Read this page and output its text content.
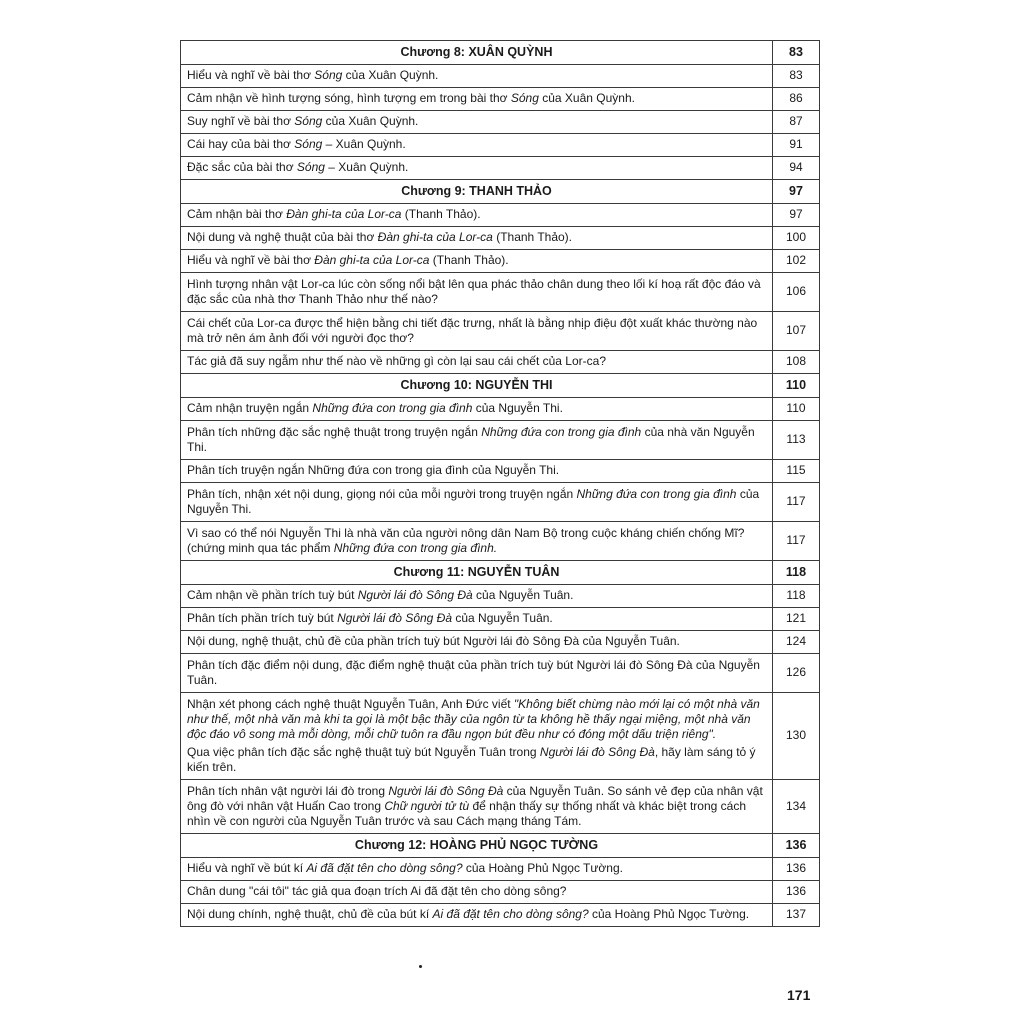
Chương 8: XUÂN QUỲNH	83
Hiểu và nghĩ về bài thơ Sóng của Xuân Quỳnh.	83
Cảm nhận về hình tượng sóng, hình tượng em trong bài thơ Sóng của Xuân Quỳnh.	86
Suy nghĩ về bài thơ Sóng của Xuân Quỳnh.	87
Cái hay của bài thơ Sóng – Xuân Quỳnh.	91
Đặc sắc của bài thơ Sóng – Xuân Quỳnh.	94
Chương 9: THANH THẢO	97
Cảm nhận bài thơ Đàn ghi-ta của Lor-ca (Thanh Thảo).	97
Nội dung và nghệ thuật của bài thơ Đàn ghi-ta của Lor-ca (Thanh Thảo).	100
Hiểu và nghĩ về bài thơ Đàn ghi-ta của Lor-ca (Thanh Thảo).	102
Hình tượng nhân vật Lor-ca lúc còn sống nổi bật lên qua phác thảo chân dung theo lối kí hoạ rất độc đáo và đặc sắc của nhà thơ Thanh Thảo như thế nào?	106
Cái chết của Lor-ca được thể hiện bằng chi tiết đặc trưng, nhất là bằng nhịp điệu đột xuất khác thường nào mà trở nên ám ảnh đối với người đọc thơ?	107
Tác giả đã suy ngẫm như thế nào về những gì còn lại sau cái chết của Lor-ca?	108
Chương 10: NGUYỄN THI	110
Cảm nhận truyện ngắn Những đứa con trong gia đình của Nguyễn Thi.	110
Phân tích những đặc sắc nghệ thuật trong truyện ngắn Những đứa con trong gia đình của nhà văn Nguyễn Thi.	113
Phân tích truyện ngắn Những đứa con trong gia đình của Nguyễn Thi.	115
Phân tích, nhận xét nội dung, giọng nói của mỗi người trong truyện ngắn Những đứa con trong gia đình của Nguyễn Thi.	117
Vì sao có thể nói Nguyễn Thi là nhà văn của người nông dân Nam Bộ trong cuộc kháng chiến chống Mĩ? (chứng minh qua tác phẩm Những đứa con trong gia đình.	117
Chương 11: NGUYỄN TUÂN	118
Cảm nhận về phần trích tuỳ bút Người lái đò Sông Đà của Nguyễn Tuân.	118
Phân tích phần trích tuỳ bút Người lái đò Sông Đà của Nguyễn Tuân.	121
Nội dung, nghệ thuật, chủ đề của phần trích tuỳ bút Người lái đò Sông Đà của Nguyễn Tuân.	124
Phân tích đặc điểm nội dung, đặc điểm nghệ thuật của phần trích tuỳ bút Người lái đò Sông Đà của Nguyễn Tuân.	126
Nhận xét phong cách nghệ thuật Nguyễn Tuân, Anh Đức viết "Không biết chừng nào mới lại có một nhà văn như thế, một nhà văn mà khi ta gọi là một bậc thầy của ngôn từ ta không hề thấy ngại miệng, một nhà văn độc đáo vô song mà mỗi dòng, mỗi chữ tuôn ra đầu ngọn bút đều như có đóng một dấu triện riêng".
Qua việc phân tích đặc sắc nghệ thuật tuỳ bút Nguyễn Tuân trong Người lái đò Sông Đà, hãy làm sáng tỏ ý kiến trên.	130
Phân tích nhân vật người lái đò trong Người lái đò Sông Đà của Nguyễn Tuân. So sánh vẻ đẹp của nhân vật ông đò với nhân vật Huấn Cao trong Chữ người tử tù để nhận thấy sự thống nhất và khác biệt trong cách nhìn về con người của Nguyễn Tuân trước và sau Cách mạng tháng Tám.	134
Chương 12: HOÀNG PHỦ NGỌC TƯỜNG	136
Hiểu và nghĩ về bút kí Ai đã đặt tên cho dòng sông? của Hoàng Phủ Ngọc Tường.	136
Chân dung "cái tôi" tác giả qua đoạn trích Ai đã đặt tên cho dòng sông?	136
Nội dung chính, nghệ thuật, chủ đề của bút kí Ai đã đặt tên cho dòng sông? của Hoàng Phủ Ngọc Tường.	137
171
